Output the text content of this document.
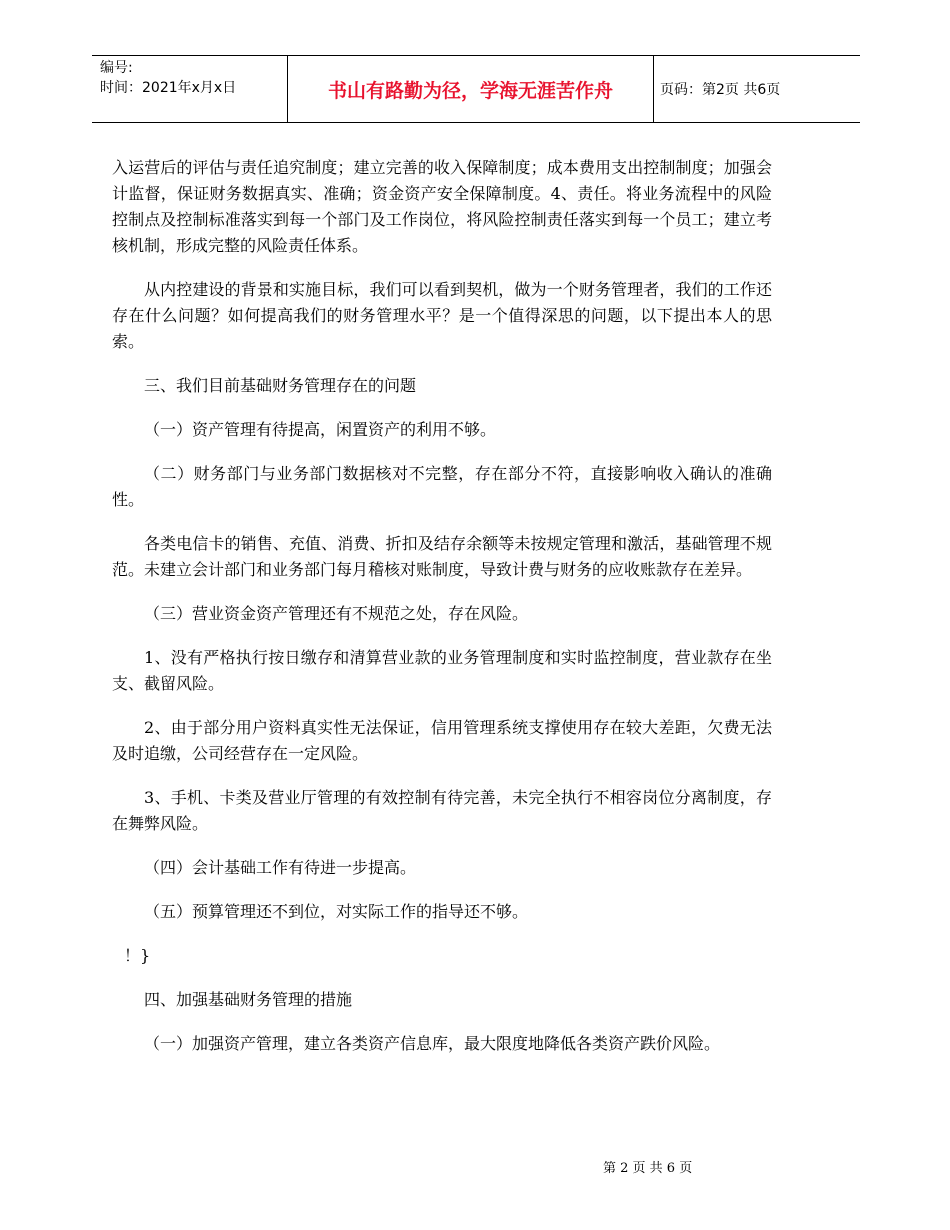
编号:
时间：2021年x月x日	书山有路勤为径，学海无涯苦作舟	页码：第2页 共6页

入运营后的评估与责任追究制度；建立完善的收入保障制度；成本费用支出控制制度；加强会计监督，保证财务数据真实、准确；资金资产安全保障制度。4、责任。将业务流程中的风险控制点及控制标准落实到每一个部门及工作岗位，将风险控制责任落实到每一个员工；建立考核机制，形成完整的风险责任体系。

从内控建设的背景和实施目标，我们可以看到契机，做为一个财务管理者，我们的工作还存在什么问题？如何提高我们的财务管理水平？是一个值得深思的问题，以下提出本人的思索。

三、我们目前基础财务管理存在的问题

（一）资产管理有待提高，闲置资产的利用不够。

（二）财务部门与业务部门数据核对不完整，存在部分不符，直接影响收入确认的准确性。

各类电信卡的销售、充值、消费、折扣及结存余额等未按规定管理和激活，基础管理不规范。未建立会计部门和业务部门每月稽核对账制度，导致计费与财务的应收账款存在差异。

（三）营业资金资产管理还有不规范之处，存在风险。

1、没有严格执行按日缴存和清算营业款的业务管理制度和实时监控制度，营业款存在坐支、截留风险。

2、由于部分用户资料真实性无法保证，信用管理系统支撑使用存在较大差距，欠费无法及时追缴，公司经营存在一定风险。

3、手机、卡类及营业厅管理的有效控制有待完善，未完全执行不相容岗位分离制度，存在舞弊风险。

（四）会计基础工作有待进一步提高。

（五）预算管理还不到位，对实际工作的指导还不够。

！}

四、加强基础财务管理的措施

（一）加强资产管理，建立各类资产信息库，最大限度地降低各类资产跌价风险。

第 2 页 共 6 页
